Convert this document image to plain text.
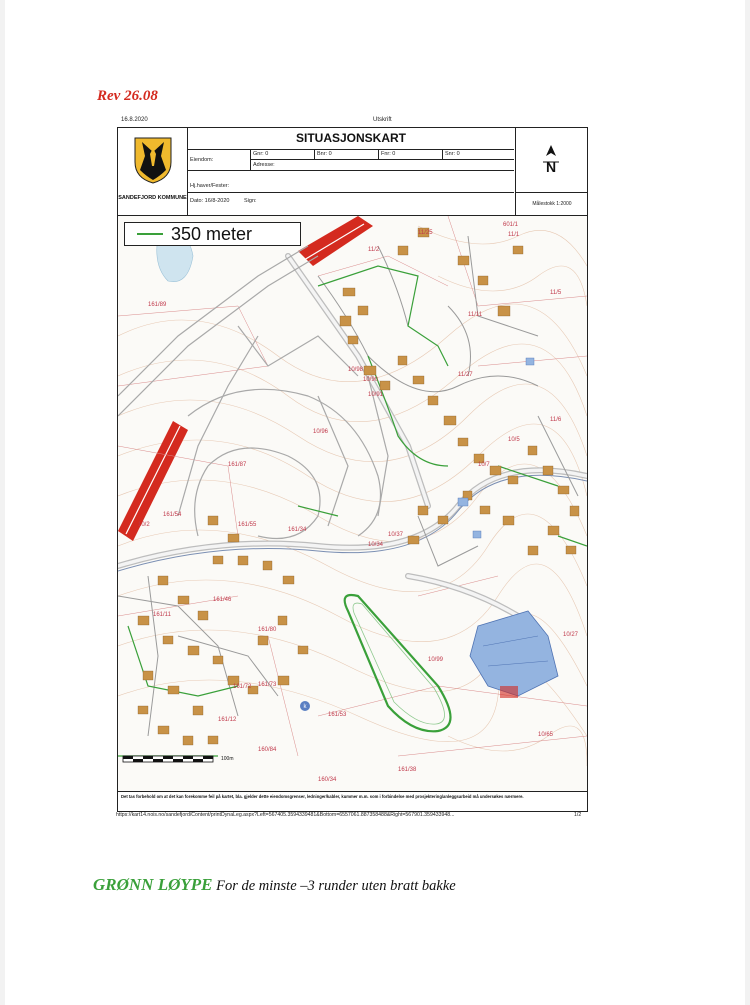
Rev 26.08
16.8.2020	Utskrift
SANDEFJORD KOMMUNE
SITUASJONSKART
N
Eiendom:
Gnr: 0	Bnr: 0	Fnr: 0	Snr: 0
Adresse:
Hj.haver/Fester:
Dato: 16/8-2020	Sign:	Målestokk 1:2000
k
161/89
161/87
161/54
10/2	161/55
161/34
161/80
161/73
161/72
161/12
160/84
160/34
161/53
161/38
161/46
161/11
10/90
10/91
10/96
10/98
10/7
10/5
10/37
10/34
10/99
10/65
10/27
11/1
11/5
11/6
11/11
11/27
601/1
11/2
11/25
350 meter
100m
Det tas forbehold om at det kan forekomme feil på kartet, bla. gjelder dette eiendomsgrenser, ledninger/kabler, kummer m.m. som i forbindelse med prosjektering/anleggsarbeid må undersøkes nærmere.
https://kart14.nois.no/sandefjord/Content/printDynaLeg.aspx?Left=567405.3594339481&Bottom=6557061.887358488&Right=567901.359433948...	1/2
GRØNN LØYPE For de minste –3 runder uten bratt bakke
